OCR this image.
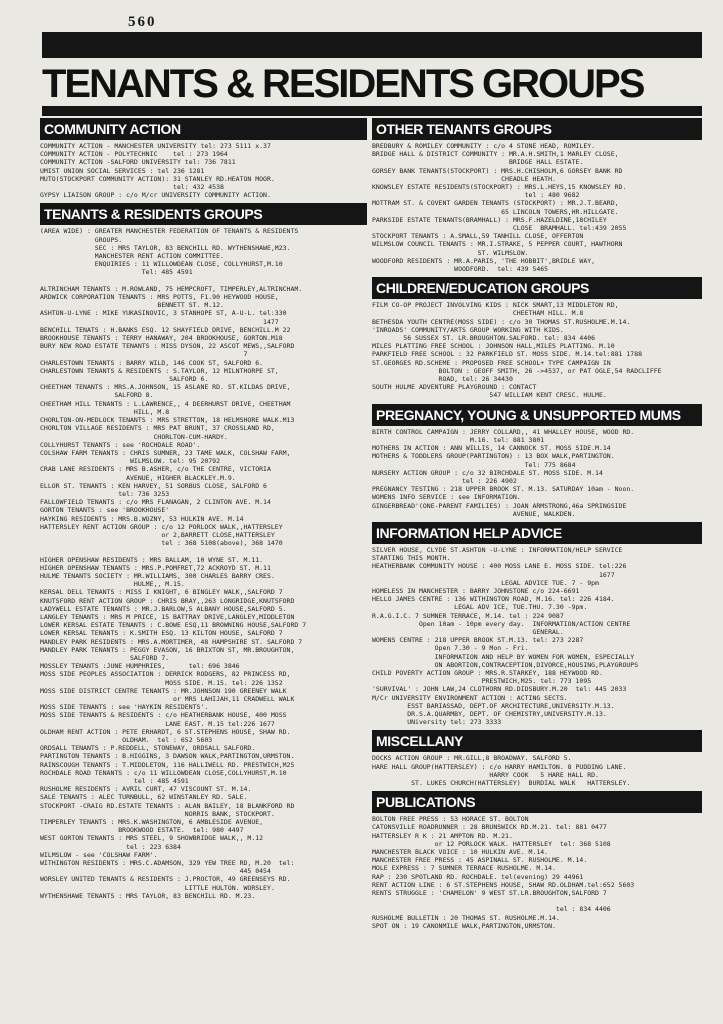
560
TENANTS & RESIDENTS GROUPS
COMMUNITY ACTION
COMMUNITY ACTION - MANCHESTER UNIVERSITY tel: 273 5111 x.37
COMMUNITY ACTION - POLYTECHNIC    tel : 273 1964
COMMUNITY ACTION -SALFORD UNIVERSITY tel: 736 7811
UMIST UNION SOCIAL SERVICES : tel 236 1281
MUTO(STOCKPORT COMMUNITY ACTION): 31 STANLEY RD.HEATON MOOR.
tel: 432 4538
GYPSY LIAISON GROUP : c/o M/cr UNIVERSITY COMMUNITY ACTION.
TENANTS & RESIDENTS GROUPS
(AREA WIDE) : GREATER MANCHESTER FEDERATION OF TENANTS & RESIDENTS
GROUPS.
SEC : MRS TAYLOR, 83 BENCHILL RD. WYTHENSHAWE,M23.
MANCHESTER RENT ACTION COMMITTEE.
ENQUIRIES : 11 WILLOWDEAN CLOSE, COLLYHURST,M.10
Tel: 485 4591

ALTRINCHAM TENANTS : M.ROWLAND, 75 HEMPCROFT, TIMPERLEY,ALTRINCHAM.
ARDWICK CORPORATION TENANTS : MRS POTTS, F1.90 HEYWOOD HOUSE,
BENNETT ST. M.12.
ASHTON-U-LYNE : MIKE YUKASINOVIC, 3 STANHOPE ST, A-U-L. tel:330
1477
BENCHILL TENATS : H.BANKS ESQ. 12 SHAYFIELD DRIVE, BENCHILL.M 22
BROOKHOUSE TENANTS : TERRY HANAWAY, 204 BROOKHOUSE, GORTON.M18
BURY NEW ROAD ESTATE TENANTS : MISS DYSON, 22 ASCOT MEWS,,SALFORD
7
CHARLESTOWN TENANTS : BARRY WILD, 146 COOK ST, SALFORD 6.
CHARLESTOWN TENANTS & RESIDENTS : S.TAYLOR, 12 MILNTHORPE ST,
SALFORD 6.
CHEETHAM TENANTS : MRS.A.JOHNSON, 15 ASLANE RD. ST.KILDAS DRIVE,
SALFORD 8.
CHEETHAM HILL TENANTS : L.LAWRENCE,, 4 DEERHURST DRIVE, CHEETHAM
HILL, M.8
CHORLTON-ON-MEDLOCK TENANTS : MRS STRETTON, 18 HELMSHORE WALK.M13
CHORLTON VILLAGE RESIDENTS : MRS PAT BRUNT, 37 CROSSLAND RD,
CHORLTON-CUM-HARDY.
COLLYHURST TENANTS : see 'ROCHDALE ROAD'.
COLSHAW FARM TENANTS : CHRIS SUMNER, 23 TAME WALK, COLSHAW FARM,
WILMSLOW. tel: 95 20792
CRAB LANE RESIDENTS : MRS B.ASHER, c/o THE CENTRE, VICTORIA
AVENUE, HIGHER BLACKLEY.M.9.
ELLOR ST. TENANTS : KEN HARVEY, 51 SORBUS CLOSE, SALFORD 6
tel: 736 3253
FALLOWFIELD TENANTS : c/o MRS FLANAGAN, 2 CLINTON AVE. M.14
GORTON TENANTS : see 'BROOKHOUSE'
HAYKING RESIDENTS : MRS.B.WOZNY, 53 HULKIN AVE. M.14
HATTERSLEY RENT ACTION GROUP : c/o 12 PORLOCK WALK,,HATTERSLEY
or 2,BARRETT CLOSE,HATTERSLEY
tel : 368 5108(above), 368 1470

HIGHER OPENSHAW RESIDENTS : MRS BALLAM, 10 WYNE ST. M.11.
HIGHER OPENSHAW TENANTS : MRS.P.POMFRET,72 ACKROYD ST. M.11
HULME TENANTS SOCIETY : MR.WILLIAMS, 300 CHARLES BARRY CRES.
HULME,, M.15.
KERSAL DELL TENANTS : MISS I KNIGHT, 6 BINGLEY WALK,,SALFORD 7
KNUTSFORD RENT ACTION GROUP : CHRIS BRAY,,263 LONGRIDGE,KNUTSFORD
LADYWELL ESTATE TENANTS : MR.J.BARLOW,5 ALBANY HOUSE,SALFORD 5.
LANGLEY TENANTS : MRS M PRICE, 15 BATTRAY DRIVE,LANGLEY,MIDDLETON
LOWER KERSAL ESTATE TENANTS : C.BOWE ESQ,11 BROWNING HOUSE,SALFORD 7
LOWER KERSAL TENANTS : K.SMITH ESQ. 13 KILTON HOUSE, SALFORD 7
MANDLEY PARK RESIDENTS : MRS.A.MORTIMER, 48 HAMPSHIRE ST. SALFORD 7
MANDLEY PARK TENANTS : PEGGY EVASON, 16 BRIXTON ST, MR.BROUGHTON,
SALFORD 7.
MOSSLEY TENANTS :JUNE HUMPHRIES,      tel: 696 3846
MOSS SIDE PEOPLES ASSOCIATION : DERRICK RODGERS, 82 PRINCESS RD,
MOSS SIDE. M.15. tel: 226 1352
MOSS SIDE DISTRICT CENTRE TENANTS : MR.JOHNSON 190 GREENEY WALK
or MRS LAHIJAH,11 CRADWELL WALK
MOSS SIDE TENANTS : see 'HAYKIN RESIDENTS'.
MOSS SIDE TENANTS & RESIDENTS : c/o HEATHERBANK HOUSE, 400 MOSS
LANE EAST. M.15 tel:226 1677
OLDHAM RENT ACTION : PETE ERHARDT, 6 ST.STEPHENS HOUSE, SHAW RD.
OLDHAM.  tel : 652 5603
ORDSALL TENANTS : P.REDDELL, STONEWAY, ORDSALL SALFORD.
PARTINGTON TENANTS : B.HIGGINS, 3 DAWSON WALK,PARTINGTON,URMSTON.
RAINSCOUGH TENANTS : T.MIDDLETON, 116 HALLIWELL RD. PRESTWICH,M25
ROCHDALE ROAD TENANTS : c/o 11 WILLOWDEAN CLOSE,COLLYHURST,M.10
tel : 485 4591
RUSHOLME RESIDENTS : AVRIL CURT, 47 VISCOUNT ST. M.14.
SALE TENANTS : ALEC TURNBULL, 62 WINSTANLEY RD. SALE.
STOCKPORT -CRAIG RD.ESTATE TENANTS : ALAN BAILEY, 18 BLANKFORD RD
NORRIS BANK, STOCKPORT.
TIMPERLEY TENANTS : MRS.K.WASHINGTON, 6 AMBLESIDE AVENUE,
BROOKWOOD ESTATE.  tel: 980 4497
WEST GORTON TENANTS : MRS STEEL, 9 SHOWBRIDGE WALK,, M.12
tel : 223 6384
WILMSLOW - see 'COLSHAW FARM'.
WITHINGTON RESIDENTS : MRS.C.ADAMSON, 329 YEW TREE RD, M.20  tel:
445 0454
WORSLEY UNITED TENANTS & RESIDENTS : J.PROCTOR, 49 GREENSEYS RD.
LITTLE HULTON. WORSLEY.
WYTHENSHAWE TENANTS : MRS TAYLOR, 83 BENCHILL RD. M.23.
OTHER TENANTS GROUPS
BREDBURY & ROMILEY COMMUNITY : c/o 4 STONE HEAD, ROMILEY.
BRIDGE HALL & DISTRICT COMMUNITY : MR.A.H.SMITH,1 MARLEY CLOSE,
BRIDGE HALL ESTATE.
GORSEY BANK TENANTS(STOCKPORT) : MRS.H.CHISHOLM,6 GORSEY BANK RD
CHEADLE HEATH.
KNOWSLEY ESTATE RESIDENTS(STOCKPORT) : MRS.L.HEYS,15 KNOWSLEY RD.
tel : 480 9682
MOTTRAM ST. & COVENT GARDEN TENANTS (STOCKPORT) : MR.J.T.BEARD,
65 LINCOLN TOWERS,HR.HILLGATE.
PARKSIDE ESTATE TENANTS(BRAMHALL) : MRS.F.HAZELDINE,18CHILEY
CLOSE  BRAMHALL. tel:439 2055
STOCKPORT TENANTS : A.SMALL,59 TANHILL CLOSE, OFFERTON
WILMSLOW COUNCIL TENANTS : MR.I.STRAKE, 5 PEPPER COURT, HAWTHORN
ST. WILMSLOW.
WOODFORD RESIDENTS : MR.A.PARIS, 'THE HOBBIT',BRIDLE WAY,
WOODFORD.  tel: 439 5465
CHILDREN/EDUCATION GROUPS
FILM CO-OP PROJECT INVOLVING KIDS : NICK SMART,13 MIDDLETON RD,
CHEETHAM HILL. M.8
BETHESDA YOUTH CENTRE(MOSS SIDE) : c/o 30 THOMAS ST.RUSHOLME.M.14.
'INROADS' COMMUNITY/ARTS GROUP WORKING WITH KIDS.
56 SUSSEX ST. LR.BROUGHTON.SALFORD. tel: 834 4406
MILES PLATTING FREE SCHOOL : JOHNSON HALL,MILES PLATTING. M.10
PARKFIELD FREE SCHOOL : 32 PARKFIELD ST. MOSS SIDE. M.14.tel:881 1788
ST.GEORGES RD.SCHEME : PROPOSED FREE SCHOOL+ TYPE CAMPAIGN IN
BOLTON : GEOFF SMITH, 26 ->4537, or PAT OGLE,54 RADCLIFFE
ROAD, tel: 26 34430
SOUTH HULME ADVENTURE PLAYGROUND : CONTACT
547 WILLIAM KENT CRESC. HULME.
PREGNANCY, YOUNG & UNSUPPORTED MUMS
BIRTH CONTROL CAMPAIGN : JERRY COLLARD,, 41 WHALLEY HOUSE, WOOD RD.
M.16. tel: 881 3801
MOTHERS IN ACTION : ANN WILLIS, 14 CANNOCK ST. MOSS SIDE.M.14
MOTHERS & TODDLERS GROUP(PARTINGTON) : 13 BOX WALK,PARTINGTON.
Tel: 775 8684
NURSERY ACTION GROUP : c/o 32 BIRCHDALE ST. MOSS SIDE. M.14
tel : 226 4902
PREGNANCY TESTING : 218 UPPER BROOK ST. M.13. SATURDAY 10am - Noon.
WOMENS INFO SERVICE : see INFORMATION.
GINGERBREAD'(ONE-PARENT FAMILIES) : JOAN ARMSTRONG,46a SPRINGSIDE
AVENUE, WALKDEN.
INFORMATION HELP ADVICE
SILVER HOUSE, CLYDE ST.ASHTON -U-LYNE : INFORMATION/HELP SERVICE
STARTING THIS MONTH.
HEATHERBANK COMMUNITY HOUSE : 400 MOSS LANE E. MOSS SIDE. tel:226
1677
LEGAL ADVICE TUE. 7 - 9pm
HOMELESS IN MANCHESTER : BARRY JOHNSTONE c/o 224-6691
HELLO JAMES CENTRE : 136 WITHINGTON ROAD, M.16. tel: 226 4184.
LEGAL ADV ICE, TUE.THU. 7.30 -9pm.
R.A.G.I.C. 7 SUMNER TERRACE, M.14. tel : 224 9087
Open 10am - 10pm every day.  INFORMATION/ACTION CENTRE
GENERAL.
WOMENS CENTRE : 218 UPPER BROOK ST.M.13. tel: 273 2287
Open 7.30 - 9 Mon - Fri.
INFORMATION AND HELP BY WOMEN FOR WOMEN, ESPECIALLY
ON ABORTION,CONTRACEPTION,DIVORCE,HOUSING,PLAYGROUPS
CHILD POVERTY ACTION GROUP : MRS.R.STARKEY, 188 HEYWOOD RD.
PRESTWICH,M25. tel: 773 1095
'SURVIVAL' : JOHN LAW,24 CLOTHORN RD.DIDSBURY.M.20  tel: 445 2033
M/Cr UNIVERSITY ENVIRONMENT ACTION : ACTING SECTS.
ESST BARIASSAD, DEPT.OF ARCHITECTURE,UNIVERSITY.M.13.
DR.S.A.QUARMBY, DEPT. OF CHEMISTRY,UNIVERSITY.M.13.
UNiversity tel: 273 3333
MISCELLANY
DOCKS ACTION GROUP : MR.GILL,8 BROADWAY. SALFORD 5.
HARE HALL GROUP(HATTERSLEY) : c/o HARRY HAMILTON. 8 PUDDING LANE.
HARRY COOK   5 HARE HALL RD.
ST. LUKES CHURCH(HATTERSLEY)  BURDIAL WALK   HATTERSLEY.
PUBLICATIONS
BOLTON FREE PRESS : 53 HORACE ST. BOLTON
CATONSVILLE ROADRUNNER : 28 BRUNSWICK RD.M.21. tel: 881 0477
HATTERSLEY R K : 21 AMPTON RD. M.21.
or 12 PORLOCK WALK. HATTERSLEY  tel: 368 5108
MANCHESTER BLACK VOICE : 10 HULKIN AVE. M.14.
MANCHESTER FREE PRESS : 45 ASPINALL ST. RUSHOLME. M.14.
MOLE EXPRESS : 7 SUMNER TERRACE RUSHOLME. M.14.
RAP : 230 SPOTLAND RD. ROCHDALE. tel(evening) 29 44961
RENT ACTION LINE : 6 ST.STEPHENS HOUSE, SHAW RD.OLDHAM.tel:652 5603
RENTS STRUGGLE : 'CHAMELON' 9 WEST ST.LR.BROUGHTON,SALFORD 7

tel : 834 4406
RUSHOLME BULLETIN : 20 THOMAS ST. RUSHOLME.M.14.
SPOT ON : 19 CANONMILE WALK,PARTINGTON,URMSTON.
